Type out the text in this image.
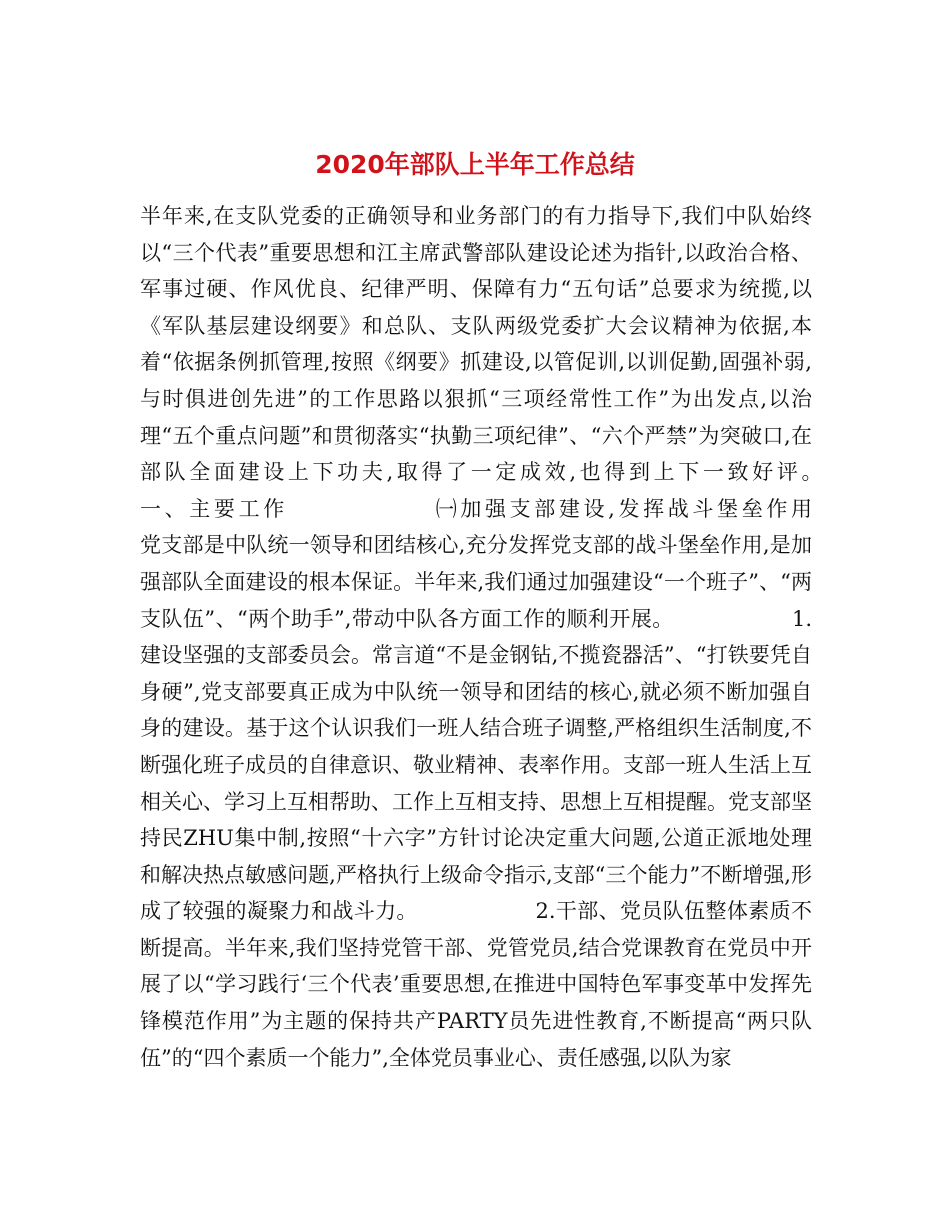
2020年部队上半年工作总结

半年来,在支队党委的正确领导和业务部门的有力指导下,我们中队始终以“三个代表”重要思想和江主席武警部队建设论述为指针,以政治合格、军事过硬、作风优良、纪律严明、保障有力“五句话”总要求为统揽,以《军队基层建设纲要》和总队、支队两级党委扩大会议精神为依据,本着“依据条例抓管理,按照《纲要》抓建设,以管促训,以训促勤,固强补弱,与时俱进创先进”的工作思路以狠抓“三项经常性工作”为出发点,以治理“五个重点问题”和贯彻落实“执勤三项纪律”、“六个严禁”为突破口,在部队全面建设上下功夫,取得了一定成效,也得到上下一致好评。　　　　　　一、主要工作　　　　　　㈠加强支部建设,发挥战斗堡垒作用　　　　　　党支部是中队统一领导和团结核心,充分发挥党支部的战斗堡垒作用,是加强部队全面建设的根本保证。半年来,我们通过加强建设“一个班子”、“两支队伍”、“两个助手”,带动中队各方面工作的顺利开展。　　　　　　1.建设坚强的支部委员会。常言道“不是金钢钻,不揽瓷器活”、“打铁要凭自身硬”,党支部要真正成为中队统一领导和团结的核心,就必须不断加强自身的建设。基于这个认识我们一班人结合班子调整,严格组织生活制度,不断强化班子成员的自律意识、敬业精神、表率作用。支部一班人生活上互相关心、学习上互相帮助、工作上互相支持、思想上互相提醒。党支部坚持民ZHU集中制,按照“十六字”方针讨论决定重大问题,公道正派地处理和解决热点敏感问题,严格执行上级命令指示,支部“三个能力”不断增强,形成了较强的凝聚力和战斗力。　　　　　　2.干部、党员队伍整体素质不断提高。半年来,我们坚持党管干部、党管党员,结合党课教育在党员中开展了以“学习践行‘三个代表’重要思想,在推进中国特色军事变革中发挥先锋模范作用”为主题的保持共产PARTY员先进性教育,不断提高“两只队伍”的“四个素质一个能力”,全体党员事业心、责任感强,以队为家
